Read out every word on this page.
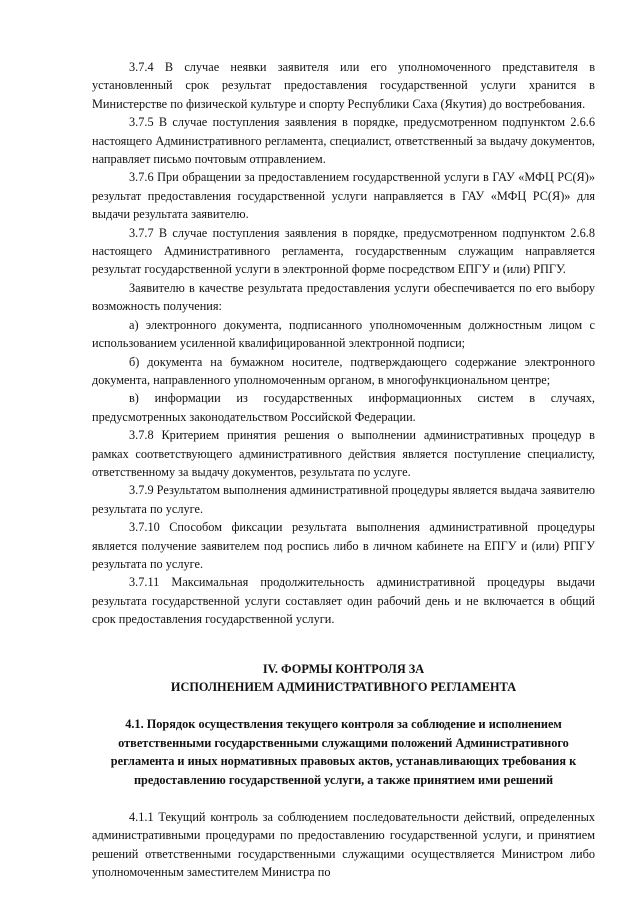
3.7.4 В случае неявки заявителя или его уполномоченного представителя в установленный срок результат предоставления государственной услуги хранится в Министерстве по физической культуре и спорту Республики Саха (Якутия) до востребования.

3.7.5 В случае поступления заявления в порядке, предусмотренном подпунктом 2.6.6 настоящего Административного регламента, специалист, ответственный за выдачу документов, направляет письмо почтовым отправлением.

3.7.6 При обращении за предоставлением государственной услуги в ГАУ «МФЦ РС(Я)» результат предоставления государственной услуги направляется в ГАУ «МФЦ РС(Я)» для выдачи результата заявителю.

3.7.7 В случае поступления заявления в порядке, предусмотренном подпунктом 2.6.8 настоящего Административного регламента, государственным служащим направляется результат государственной услуги в электронной форме посредством ЕПГУ и (или) РПГУ.

Заявителю в качестве результата предоставления услуги обеспечивается по его выбору возможность получения:

а) электронного документа, подписанного уполномоченным должностным лицом с использованием усиленной квалифицированной электронной подписи;

б) документа на бумажном носителе, подтверждающего содержание электронного документа, направленного уполномоченным органом, в многофункциональном центре;

в) информации из государственных информационных систем в случаях, предусмотренных законодательством Российской Федерации.

3.7.8 Критерием принятия решения о выполнении административных процедур в рамках соответствующего административного действия является поступление специалисту, ответственному за выдачу документов, результата по услуге.

3.7.9 Результатом выполнения административной процедуры является выдача заявителю результата по услуге.

3.7.10 Способом фиксации результата выполнения административной процедуры является получение заявителем под роспись либо в личном кабинете на ЕПГУ и (или) РПГУ результата по услуге.

3.7.11 Максимальная продолжительность административной процедуры выдачи результата государственной услуги составляет один рабочий день и не включается в общий срок предоставления государственной услуги.

IV. ФОРМЫ КОНТРОЛЯ ЗА
ИСПОЛНЕНИЕМ АДМИНИСТРАТИВНОГО РЕГЛАМЕНТА
4.1. Порядок осуществления текущего контроля за соблюдение и исполнением ответственными государственными служащими положений Административного регламента и иных нормативных правовых актов, устанавливающих требования к предоставлению государственной услуги, а также принятием ими решений

4.1.1 Текущий контроль за соблюдением последовательности действий, определенных административными процедурами по предоставлению государственной услуги, и принятием решений ответственными государственными служащими осуществляется Министром либо уполномоченным заместителем Министра по
